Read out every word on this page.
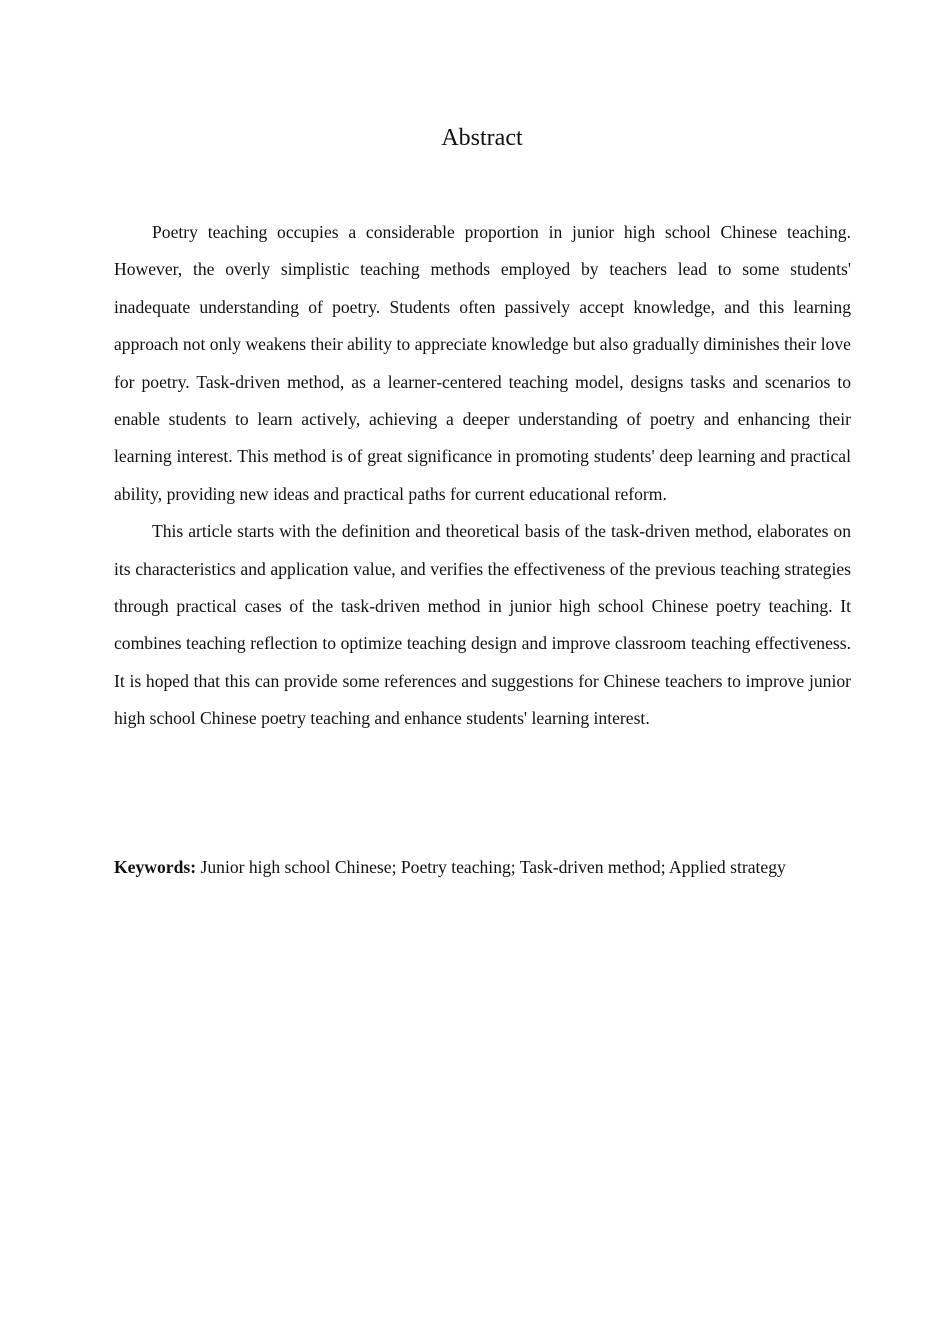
Abstract

Poetry teaching occupies a considerable proportion in junior high school Chinese teaching. However, the overly simplistic teaching methods employed by teachers lead to some students' inadequate understanding of poetry. Students often passively accept knowledge, and this learning approach not only weakens their ability to appreciate knowledge but also gradually diminishes their love for poetry. Task-driven method, as a learner-centered teaching model, designs tasks and scenarios to enable students to learn actively, achieving a deeper understanding of poetry and enhancing their learning interest. This method is of great significance in promoting students' deep learning and practical ability, providing new ideas and practical paths for current educational reform.

This article starts with the definition and theoretical basis of the task-driven method, elaborates on its characteristics and application value, and verifies the effectiveness of the previous teaching strategies through practical cases of the task-driven method in junior high school Chinese poetry teaching. It combines teaching reflection to optimize teaching design and improve classroom teaching effectiveness. It is hoped that this can provide some references and suggestions for Chinese teachers to improve junior high school Chinese poetry teaching and enhance students' learning interest.

Keywords: Junior high school Chinese; Poetry teaching; Task-driven method; Applied strategy
